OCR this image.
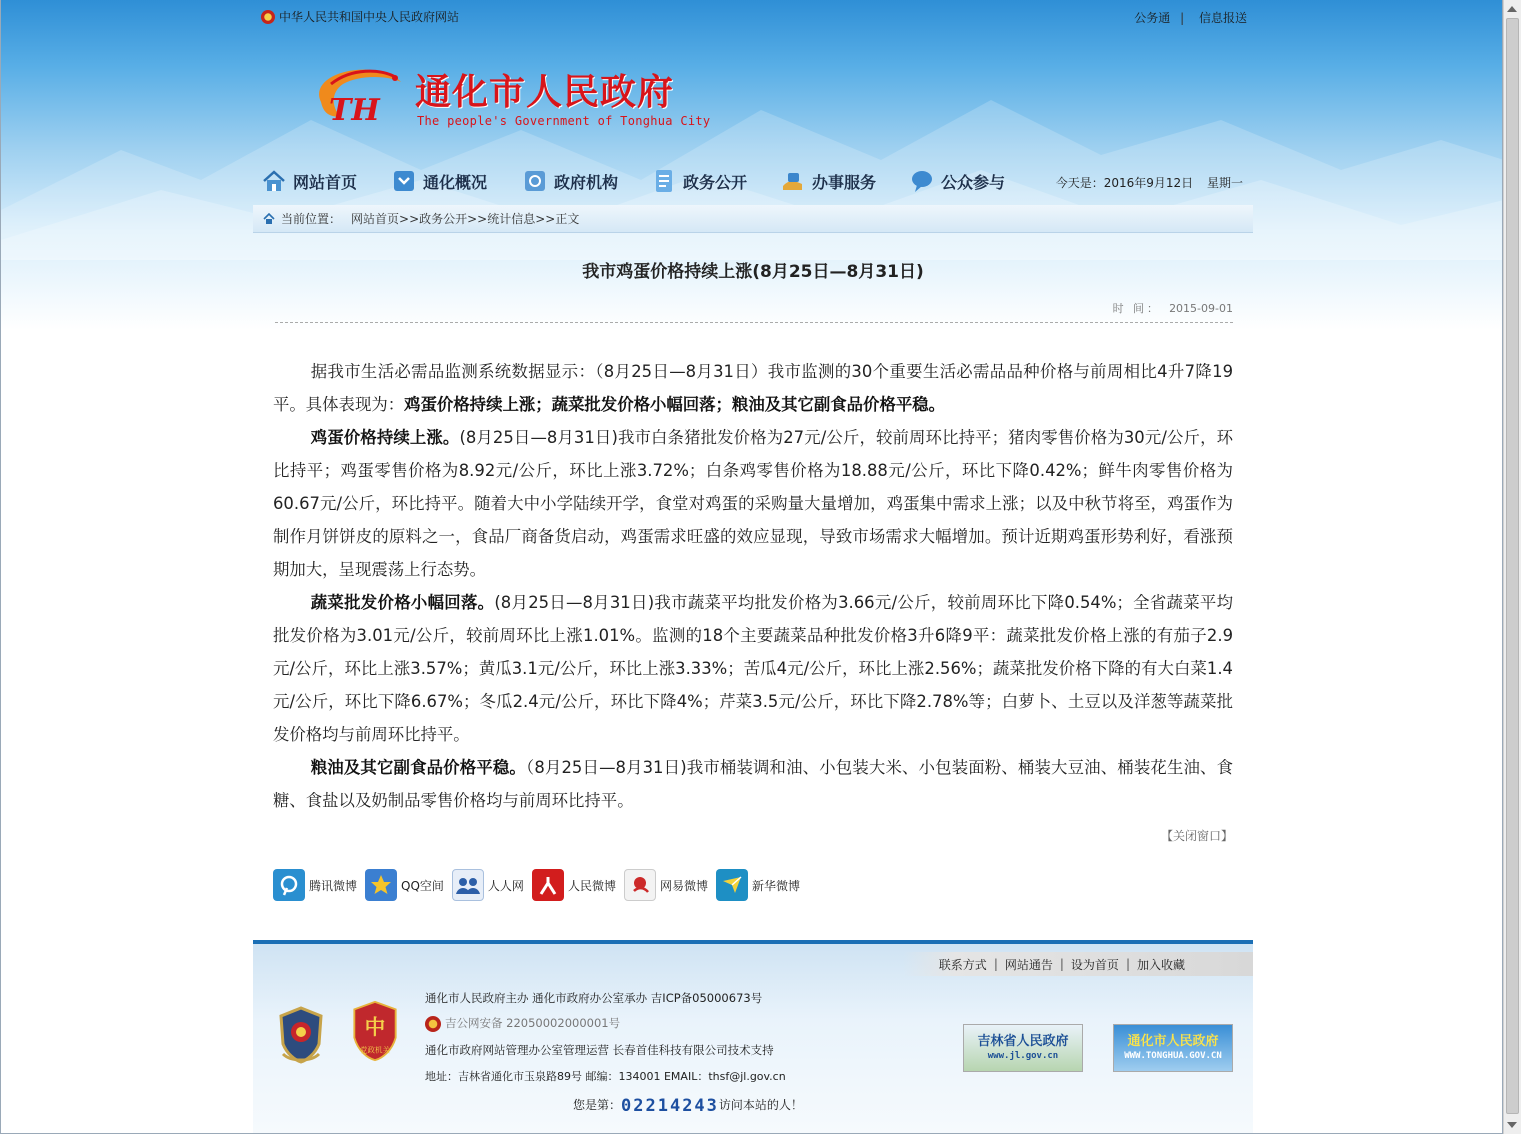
中华人民共和国中央人民政府网站	公务通 | 信息报送
TH 通化市人民政府
The people's Government of Tonghua City
网站首页	通化概况	政府机构	政务公开	办事服务	公众参与	今天是：2016年9月12日 星期一
当前位置： 网站首页>>政务公开>>统计信息>>正文
我市鸡蛋价格持续上涨(8月25日—8月31日)
时 间： 2015-09-01

据我市生活必需品监测系统数据显示：（8月25日—8月31日）我市监测的30个重要生活必需品品种价格与前周相比4升7降19平。具体表现为：鸡蛋价格持续上涨；蔬菜批发价格小幅回落；粮油及其它副食品价格平稳。

鸡蛋价格持续上涨。(8月25日—8月31日)我市白条猪批发价格为27元/公斤，较前周环比持平；猪肉零售价格为30元/公斤，环比持平；鸡蛋零售价格为8.92元/公斤，环比上涨3.72%；白条鸡零售价格为18.88元/公斤，环比下降0.42%；鲜牛肉零售价格为60.67元/公斤，环比持平。随着大中小学陆续开学，食堂对鸡蛋的采购量大量增加，鸡蛋集中需求上涨；以及中秋节将至，鸡蛋作为制作月饼饼皮的原料之一，食品厂商备货启动，鸡蛋需求旺盛的效应显现，导致市场需求大幅增加。预计近期鸡蛋形势利好，看涨预期加大，呈现震荡上行态势。

蔬菜批发价格小幅回落。(8月25日—8月31日)我市蔬菜平均批发价格为3.66元/公斤，较前周环比下降0.54%；全省蔬菜平均批发价格为3.01元/公斤，较前周环比上涨1.01%。监测的18个主要蔬菜品种批发价格3升6降9平：蔬菜批发价格上涨的有茄子2.9元/公斤，环比上涨3.57%；黄瓜3.1元/公斤，环比上涨3.33%；苦瓜4元/公斤，环比上涨2.56%；蔬菜批发价格下降的有大白菜1.4元/公斤，环比下降6.67%；冬瓜2.4元/公斤，环比下降4%；芹菜3.5元/公斤，环比下降2.78%等；白萝卜、土豆以及洋葱等蔬菜批发价格均与前周环比持平。

粮油及其它副食品价格平稳。（8月25日—8月31日)我市桶装调和油、小包装大米、小包装面粉、桶装大豆油、桶装花生油、食糖、食盐以及奶制品零售价格均与前周环比持平。

【关闭窗口】
腾讯微博	QQ空间	人人网	人民微博	网易微博	新华微博
联系方式 | 网站通告 | 设为首页 | 加入收藏
中
党政机关
通化市人民政府主办 通化市政府办公室承办 吉ICP备05000673号
吉公网安备 22050002000001号
通化市政府网站管理办公室管理运营 长春首佳科技有限公司技术支持
地址：吉林省通化市玉泉路89号 邮编：134001 EMAIL：thsf@jl.gov.cn
您是第：02214243访问本站的人！
吉林省人民政府
www.jl.gov.cn
通化市人民政府
WWW.TONGHUA.GOV.CN
